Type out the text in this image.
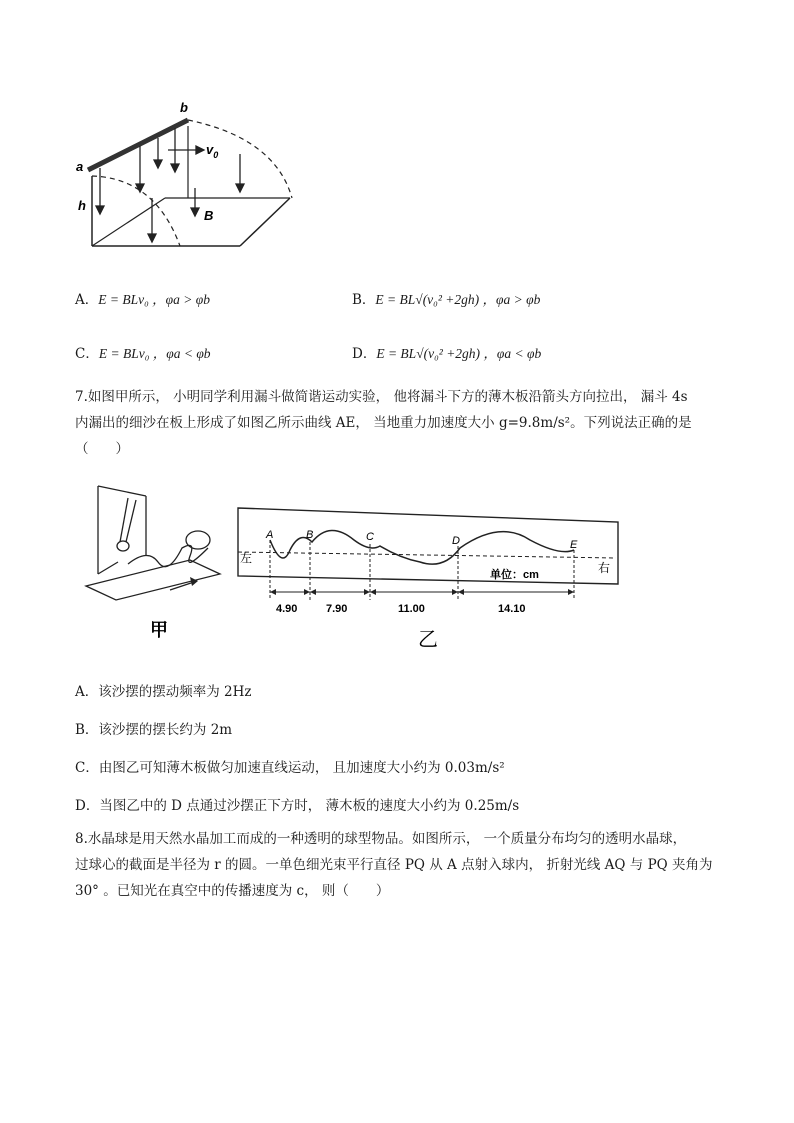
a
b
h
B
$v_0$
A．E = BLv₀ ，φa > φb	B．E = BL√(v₀² +2gh) ，φa > φb
C．E = BLv₀ ，φa < φb	D．E = BL√(v₀² +2gh) ，φa < φb
7.如图甲所示， 小明同学利用漏斗做简谐运动实验， 他将漏斗下方的薄木板沿箭头方向拉出， 漏斗 4s
内漏出的细沙在板上形成了如图乙所示曲线 AE， 当地重力加速度大小 g=9.8m/s²。下列说法正确的是
（　　）
甲
左
右
单位：cm
A	B	C	D	E
4.90	7.90	11.00	14.10
乙
A．该沙摆的摆动频率为 2Hz
B．该沙摆的摆长约为 2m
C．由图乙可知薄木板做匀加速直线运动， 且加速度大小约为 0.03m/s²
D．当图乙中的 D 点通过沙摆正下方时， 薄木板的速度大小约为 0.25m/s
8.水晶球是用天然水晶加工而成的一种透明的球型物品。如图所示， 一个质量分布均匀的透明水晶球，
过球心的截面是半径为 r 的圆。一单色细光束平行直径 PQ 从 A 点射入球内， 折射光线 AQ 与 PQ 夹角为
30° 。已知光在真空中的传播速度为 c， 则（　　）
